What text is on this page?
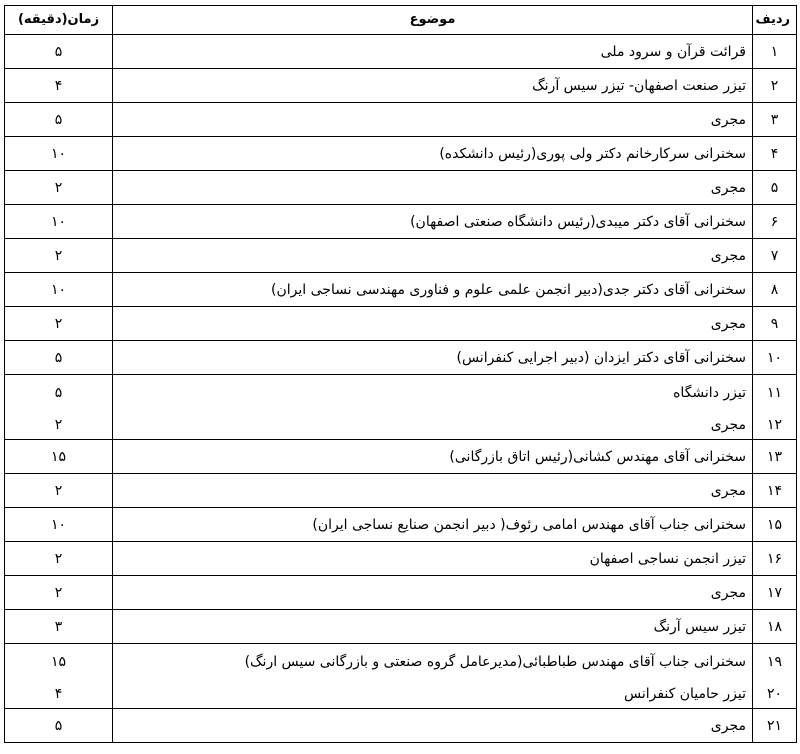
ردیف	موضوع	زمان(دقیقه)
۱	قرائت قرآن و سرود ملی	۵
۲	تیزر صنعت اصفهان- تیزر سیس آرنگ	۴
۳	مجری	۵
۴	سخنرانی سرکارخانم دکتر ولی پوری(رئیس دانشکده)	۱۰
۵	مجری	۲
۶	سخنرانی آقای دکتر میبدی(رئیس دانشگاه صنعتی اصفهان)	۱۰
۷	مجری	۲
۸	سخنرانی آقای دکتر جدی(دبیر انجمن علمی علوم و فناوری مهندسی نساجی ایران)	۱۰
۹	مجری	۲
۱۰	سخنرانی آقای دکتر ایزدان (دبیر اجرایی کنفرانس)	۵
۱۱	تیزر دانشگاه	۵
۱۲	مجری	۲
۱۳	سخنرانی آقای مهندس کشانی(رئیس اتاق بازرگانی)	۱۵
۱۴	مجری	۲
۱۵	سخنرانی جناب آقای مهندس امامی رئوف( دبیر انجمن صنایع نساجی ایران)	۱۰
۱۶	تیزر انجمن نساجی اصفهان	۲
۱۷	مجری	۲
۱۸	تیزر سیس آرنگ	۳
۱۹	سخنرانی جناب آقای مهندس طباطبائی(مدیرعامل گروه صنعتی و بازرگانی سیس ارنگ)	۱۵
۲۰	تیزر حامیان کنفرانس	۴
۲۱	مجری	۵
